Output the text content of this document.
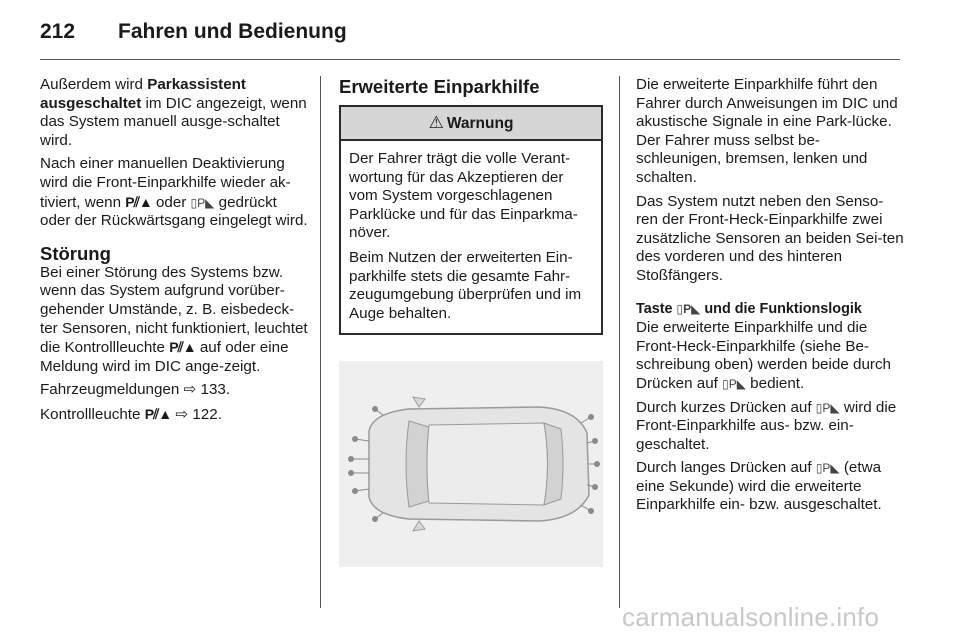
212 Fahren und Bedienung

Außerdem wird Parkassistent ausgeschaltet im DIC angezeigt, wenn das System manuell ausge-schaltet wird.

Nach einer manuellen Deaktivierung wird die Front-Einparkhilfe wieder ak-tiviert, wenn P⫽▲ oder ▯P◣ gedrückt oder der Rückwärtsgang eingelegt wird.

Störung

Bei einer Störung des Systems bzw. wenn das System aufgrund vorüber-gehender Umstände, z. B. eisbedeck-ter Sensoren, nicht funktioniert, leuchtet die Kontrollleuchte P⫽▲ auf oder eine Meldung wird im DIC ange-zeigt.

Fahrzeugmeldungen ⇨ 133.

Kontrollleuchte P⫽▲ ⇨ 122.

Erweiterte Einparkhilfe
⚠ Warnung

Der Fahrer trägt die volle Verant-wortung für das Akzeptieren der vom System vorgeschlagenen Parklücke und für das Einparkma-növer.

Beim Nutzen der erweiterten Ein-parkhilfe stets die gesamte Fahr-zeugumgebung überprüfen und im Auge behalten.

Die erweiterte Einparkhilfe führt den Fahrer durch Anweisungen im DIC und akustische Signale in eine Park-lücke. Der Fahrer muss selbst be-schleunigen, bremsen, lenken und schalten.

Das System nutzt neben den Senso-ren der Front-Heck-Einparkhilfe zwei zusätzliche Sensoren an beiden Sei-ten des vorderen und des hinteren Stoßfängers.

Taste ▯P◣ und die Funktionslogik

Die erweiterte Einparkhilfe und die Front-Heck-Einparkhilfe (siehe Be-schreibung oben) werden beide durch Drücken auf ▯P◣ bedient.

Durch kurzes Drücken auf ▯P◣ wird die Front-Einparkhilfe aus- bzw. ein-geschaltet.

Durch langes Drücken auf ▯P◣ (etwa eine Sekunde) wird die erweiterte Einparkhilfe ein- bzw. ausgeschaltet.

carmanualsonline.info
